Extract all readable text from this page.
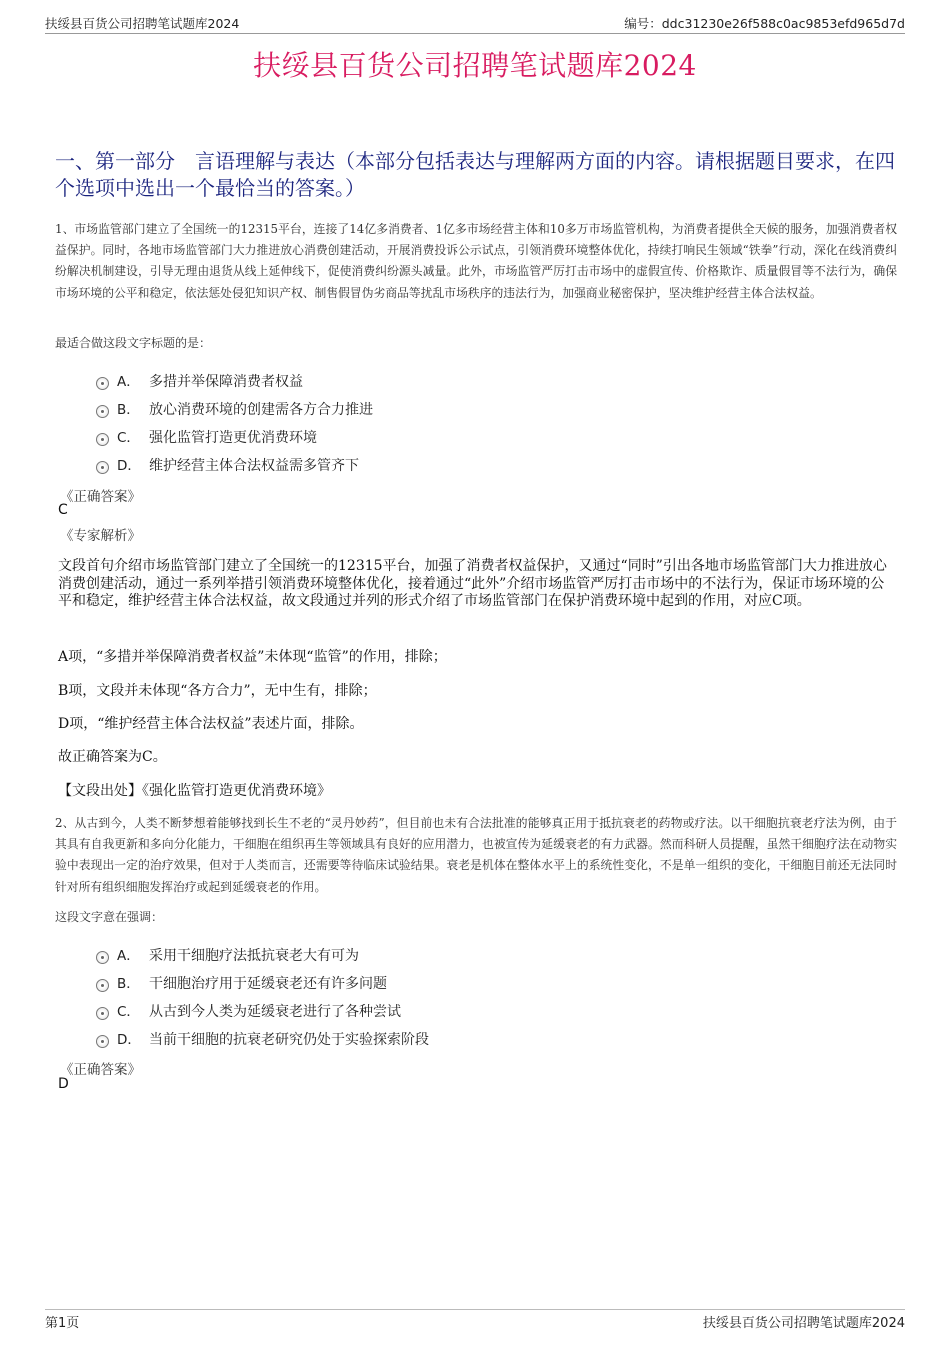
扶绥县百货公司招聘笔试题库2024	编号：ddc31230e26f588c0ac9853efd965d7d
扶绥县百货公司招聘笔试题库2024
一、第一部分　言语理解与表达（本部分包括表达与理解两方面的内容。请根据题目要求，在四个选项中选出一个最恰当的答案。）
1、市场监管部门建立了全国统一的12315平台，连接了14亿多消费者、1亿多市场经营主体和10多万市场监管机构，为消费者提供全天候的服务，加强消费者权益保护。同时，各地市场监管部门大力推进放心消费创建活动，开展消费投诉公示试点，引领消费环境整体优化，持续打响民生领域“铁拳”行动，深化在线消费纠纷解决机制建设，引导无理由退货从线上延伸线下，促使消费纠纷源头减量。此外，市场监管严厉打击市场中的虚假宣传、价格欺诈、质量假冒等不法行为，确保市场环境的公平和稳定，依法惩处侵犯知识产权、制售假冒伪劣商品等扰乱市场秩序的违法行为，加强商业秘密保护，坚决维护经营主体合法权益。
最适合做这段文字标题的是：
A． 多措并举保障消费者权益
B． 放心消费环境的创建需各方合力推进
C． 强化监管打造更优消费环境
D． 维护经营主体合法权益需多管齐下
《正确答案》
C
《专家解析》
文段首句介绍市场监管部门建立了全国统一的12315平台，加强了消费者权益保护，又通过“同时”引出各地市场监管部门大力推进放心消费创建活动，通过一系列举措引领消费环境整体优化，接着通过“此外”介绍市场监管严厉打击市场中的不法行为，保证市场环境的公平和稳定，维护经营主体合法权益，故文段通过并列的形式介绍了市场监管部门在保护消费环境中起到的作用，对应C项。
A项，“多措并举保障消费者权益”未体现“监管”的作用，排除；
B项，文段并未体现“各方合力”，无中生有，排除；
D项，“维护经营主体合法权益”表述片面，排除。
故正确答案为C。
【文段出处】《强化监管打造更优消费环境》
2、从古到今，人类不断梦想着能够找到长生不老的“灵丹妙药”，但目前也未有合法批准的能够真正用于抵抗衰老的药物或疗法。以干细胞抗衰老疗法为例，由于其具有自我更新和多向分化能力，干细胞在组织再生等领域具有良好的应用潜力，也被宣传为延缓衰老的有力武器。然而科研人员提醒，虽然干细胞疗法在动物实验中表现出一定的治疗效果，但对于人类而言，还需要等待临床试验结果。衰老是机体在整体水平上的系统性变化，不是单一组织的变化，干细胞目前还无法同时针对所有组织细胞发挥治疗或起到延缓衰老的作用。
这段文字意在强调：
A． 采用干细胞疗法抵抗衰老大有可为
B． 干细胞治疗用于延缓衰老还有许多问题
C． 从古到今人类为延缓衰老进行了各种尝试
D． 当前干细胞的抗衰老研究仍处于实验探索阶段
《正确答案》
D
第1页	扶绥县百货公司招聘笔试题库2024
